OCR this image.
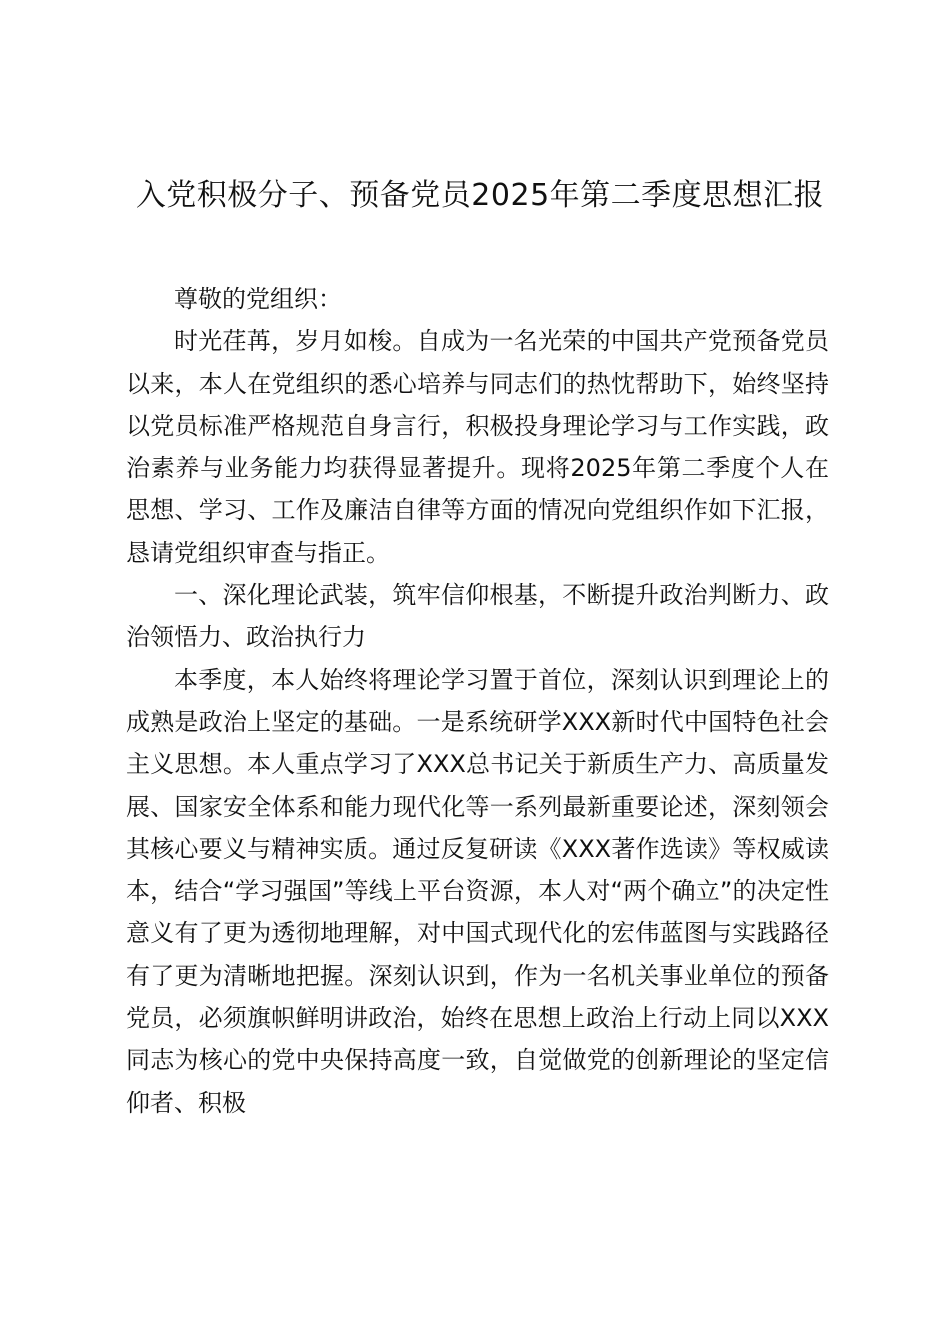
入党积极分子、预备党员2025年第二季度思想汇报

尊敬的党组织：

时光荏苒，岁月如梭。自成为一名光荣的中国共产党预备党员以来，本人在党组织的悉心培养与同志们的热忱帮助下，始终坚持以党员标准严格规范自身言行，积极投身理论学习与工作实践，政治素养与业务能力均获得显著提升。现将2025年第二季度个人在思想、学习、工作及廉洁自律等方面的情况向党组织作如下汇报，恳请党组织审查与指正。

一、深化理论武装，筑牢信仰根基，不断提升政治判断力、政治领悟力、政治执行力

本季度，本人始终将理论学习置于首位，深刻认识到理论上的成熟是政治上坚定的基础。一是系统研学XXX新时代中国特色社会主义思想。本人重点学习了XXX总书记关于新质生产力、高质量发展、国家安全体系和能力现代化等一系列最新重要论述，深刻领会其核心要义与精神实质。通过反复研读《XXX著作选读》等权威读本，结合“学习强国”等线上平台资源，本人对“两个确立”的决定性意义有了更为透彻地理解，对中国式现代化的宏伟蓝图与实践路径有了更为清晰地把握。深刻认识到，作为一名机关事业单位的预备党员，必须旗帜鲜明讲政治，始终在思想上政治上行动上同以XXX同志为核心的党中央保持高度一致，自觉做党的创新理论的坚定信仰者、积极
